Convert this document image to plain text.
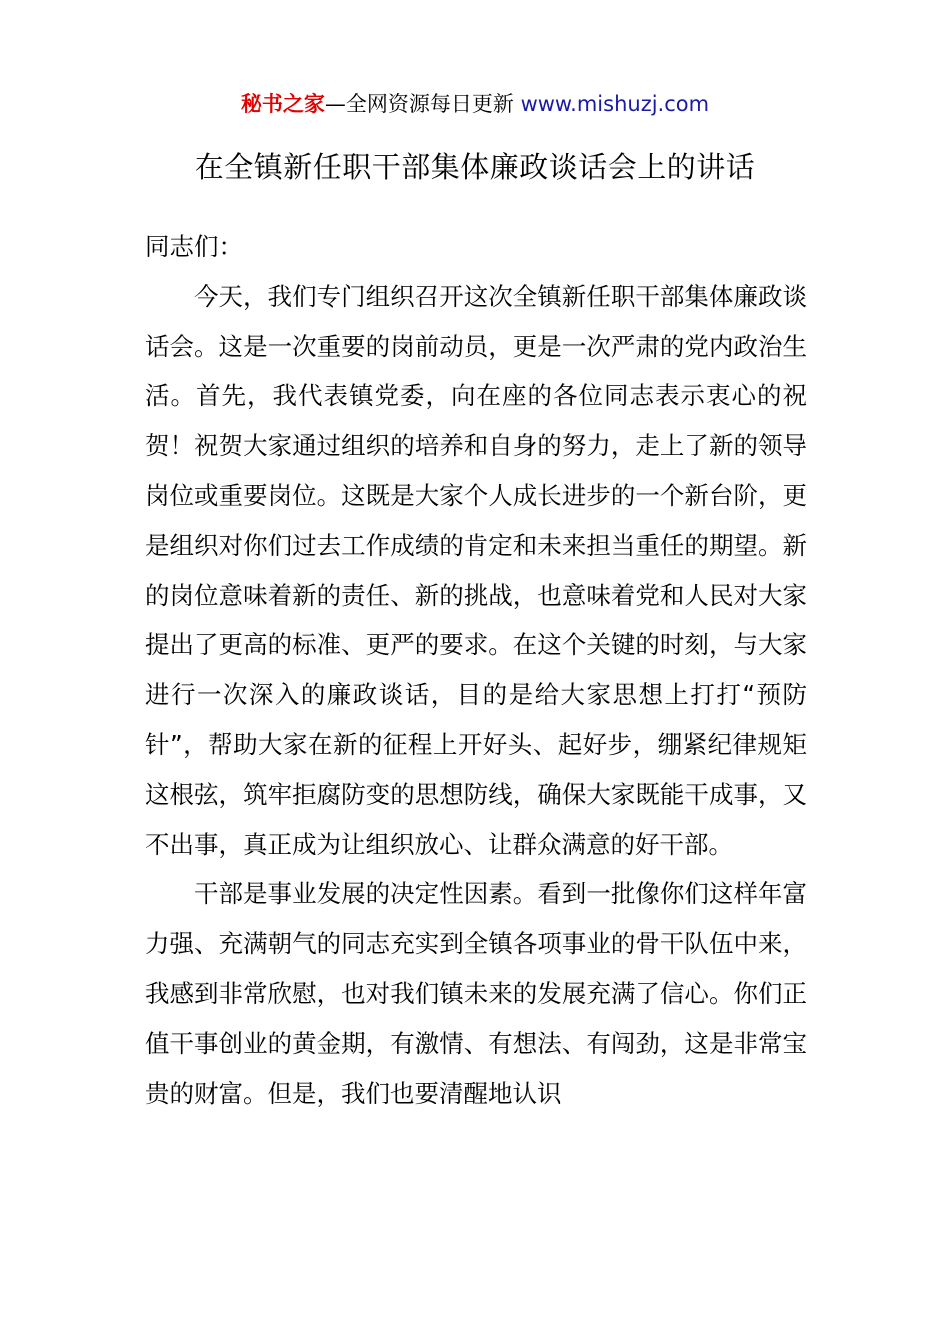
秘书之家—全网资源每日更新 www.mishuzj.com
在全镇新任职干部集体廉政谈话会上的讲话

同志们：

今天，我们专门组织召开这次全镇新任职干部集体廉政谈话会。这是一次重要的岗前动员，更是一次严肃的党内政治生活。首先，我代表镇党委，向在座的各位同志表示衷心的祝贺！祝贺大家通过组织的培养和自身的努力，走上了新的领导岗位或重要岗位。这既是大家个人成长进步的一个新台阶，更是组织对你们过去工作成绩的肯定和未来担当重任的期望。新的岗位意味着新的责任、新的挑战，也意味着党和人民对大家提出了更高的标准、更严的要求。在这个关键的时刻，与大家进行一次深入的廉政谈话，目的是给大家思想上打打“预防针”，帮助大家在新的征程上开好头、起好步，绷紧纪律规矩这根弦，筑牢拒腐防变的思想防线，确保大家既能干成事，又不出事，真正成为让组织放心、让群众满意的好干部。

干部是事业发展的决定性因素。看到一批像你们这样年富力强、充满朝气的同志充实到全镇各项事业的骨干队伍中来，我感到非常欣慰，也对我们镇未来的发展充满了信心。你们正值干事创业的黄金期，有激情、有想法、有闯劲，这是非常宝贵的财富。但是，我们也要清醒地认识
